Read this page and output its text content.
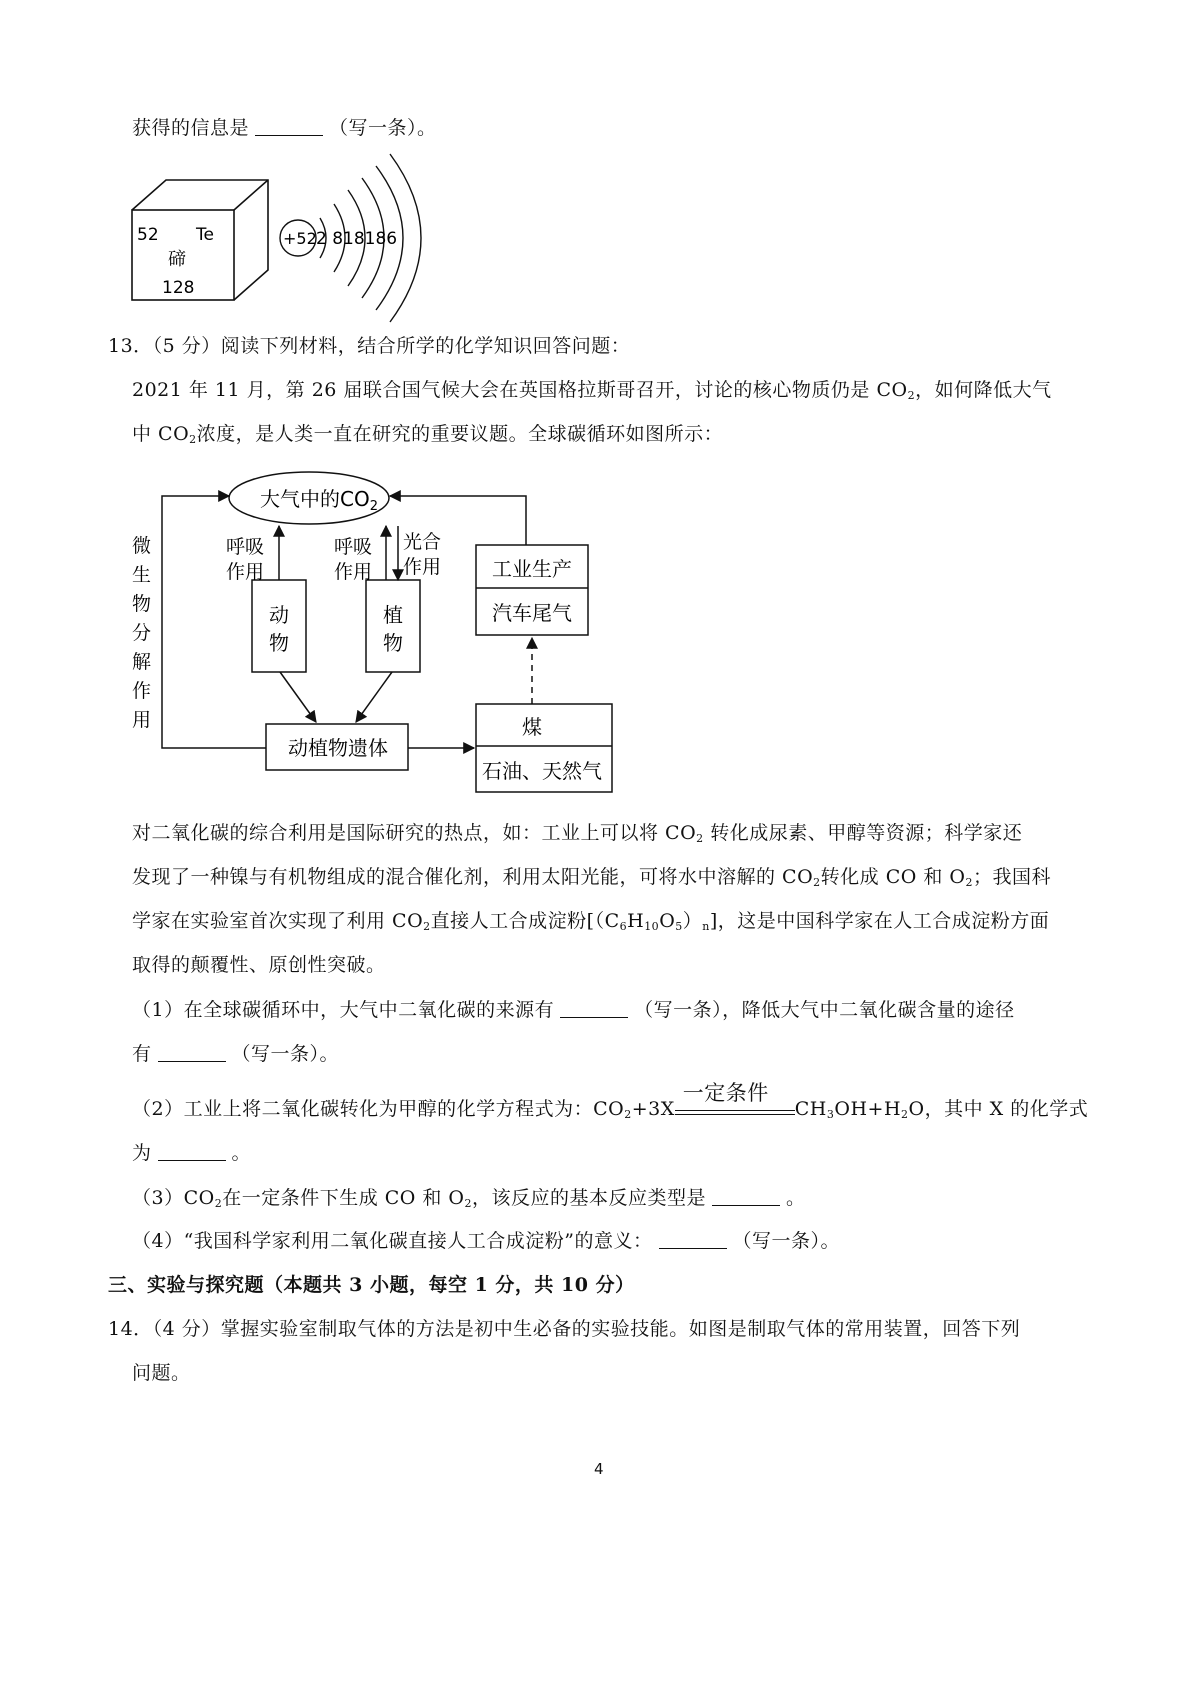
获得的信息是	（写一条）。
52 Te
碲
128
+52 2 818186
13．（5 分）阅读下列材料，结合所学的化学知识回答问题：
2021 年 11 月，第 26 届联合国气候大会在英国格拉斯哥召开，讨论的核心物质仍是 $CO_2$，如何降低大气
中 $CO_2$浓度，是人类一直在研究的重要议题。全球碳循环如图所示：
大气中的$CO_2$
微
生
物
分
解
作
用
呼吸
作用
呼吸
作用
光合
作用
动
物
植
物
工业生产
汽车尾气
动植物遗体
煤
石油、天然气
对二氧化碳的综合利用是国际研究的热点，如：工业上可以将 $CO_2$ 转化成尿素、甲醇等资源；科学家还
发现了一种镍与有机物组成的混合催化剂，利用太阳光能，可将水中溶解的 $CO_2$转化成 CO 和 $O_2$；我国科
学家在实验室首次实现了利用 $CO_2$直接人工合成淀粉$[(C_6H_{10}O_5)_n]$，这是中国科学家在人工合成淀粉方面
取得的颠覆性、原创性突破。
（1）在全球碳循环中，大气中二氧化碳的来源有	（写一条），降低大气中二氧化碳含量的途径
有	（写一条）。
（2）工业上将二氧化碳转化为甲醇的化学方程式为：$CO_2+3X$
一定条件
$CH_3OH+H_2O$，其中 X 的化学式
为	。
$(3)CO_2$在一定条件下生成 CO 和 $O_2$，该反应的基本反应类型是	。
（4）“我国科学家利用二氧化碳直接人工合成淀粉”的意义：	（写一条）。
三、实验与探究题（本题共 3 小题，每空 1 分，共 10 分）
14．（4 分）掌握实验室制取气体的方法是初中生必备的实验技能。如图是制取气体的常用装置，回答下列
问题。
4
